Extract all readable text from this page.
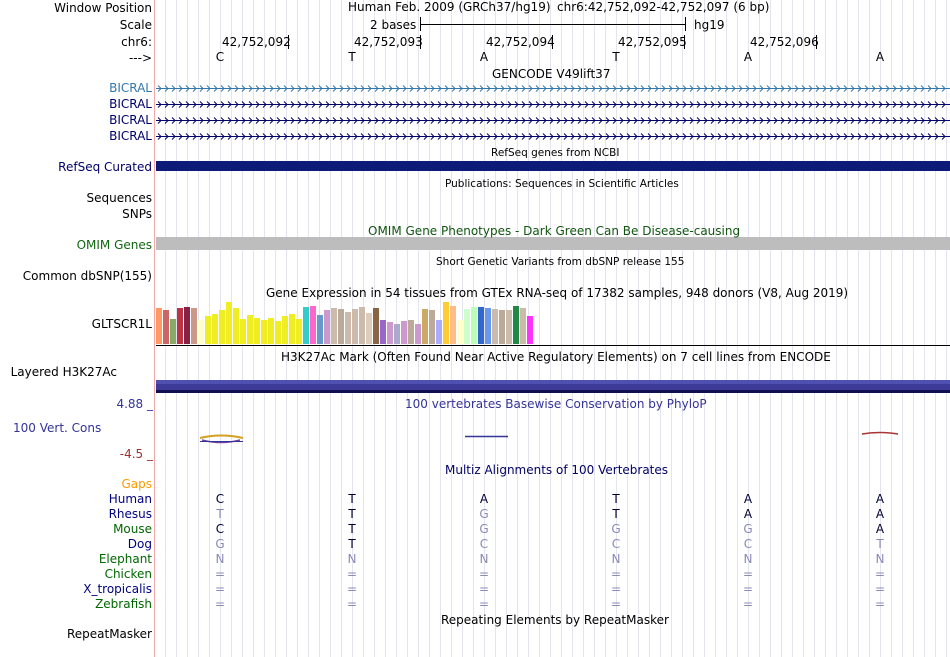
Window Position	Human Feb. 2009 (GRCh37/hg19) chr6:42,752,092-42,752,097 (6 bp)
Scale	2 bases	hg19
chr6:
--->
42,752,092	42,752,093	42,752,094	42,752,095	42,752,096
C	T	A	T	A	A
GENCODE V49lift37
BICRAL
BICRAL
BICRAL
BICRAL
RefSeq genes from NCBI
RefSeq Curated
Publications: Sequences in Scientific Articles
Sequences
SNPs
OMIM Gene Phenotypes - Dark Green Can Be Disease-causing
OMIM Genes
Short Genetic Variants from dbSNP release 155
Common dbSNP(155)
Gene Expression in 54 tissues from GTEx RNA-seq of 17382 samples, 948 donors (V8, Aug 2019)
GLTSCR1L
H3K27Ac Mark (Often Found Near Active Regulatory Elements) on 7 cell lines from ENCODE
Layered H3K27Ac
4.88 _	100 vertebrates Basewise Conservation by PhyloP
100 Vert. Cons
-4.5 _
Multiz Alignments of 100 Vertebrates
Gaps
Repeating Elements by RepeatMasker
RepeatMasker
Human	C	T	A	T	A	A
Rhesus	T	T	G	T	A	A
Mouse	C	T	G	G	G	A
Dog	G	T	C	C	C	T
Elephant	N	N	N	N	N	N
Chicken	=	=	=	=	=	=
X_tropicalis	=	=	=	=	=	=
Zebrafish	=	=	=	=	=	=
